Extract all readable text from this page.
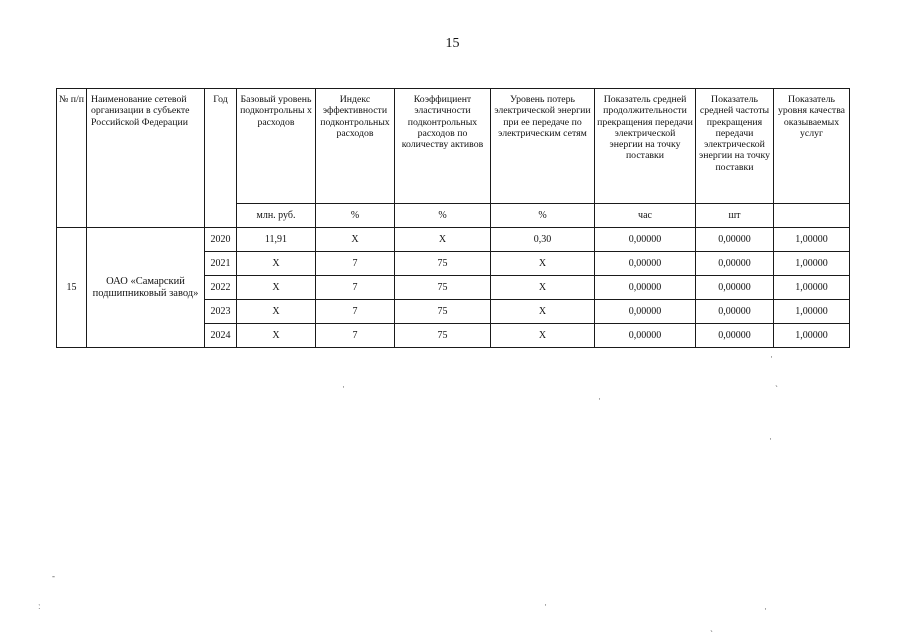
15
№ п/п	Наименование сетевой организации в субъекте Российской Федерации	Год	Базовый уровень подконтрольны х расходов	Индекс эффективности подконтрольных расходов	Коэффициент эластичности подконтрольных расходов по количеству активов	Уровень потерь электрической энергии при ее передаче по электрическим сетям	Показатель средней продолжительности прекращения передачи электрической энергии на точку поставки	Показатель средней частоты прекращения передачи электрической энергии на точку поставки	Показатель уровня качества оказываемых услуг
			млн. руб.	%	%	%	час	шт	
15	ОАО «Самарский подшипниковый завод»	2020	11,91	X	X	0,30	0,00000	0,00000	1,00000
		2021	X	7	75	X	0,00000	0,00000	1,00000
		2022	X	7	75	X	0,00000	0,00000	1,00000
		2023	X	7	75	X	0,00000	0,00000	1,00000
		2024	X	7	75	X	0,00000	0,00000	1,00000
·
·	ˋ
·
·
-
ː	·	·
ˎ
